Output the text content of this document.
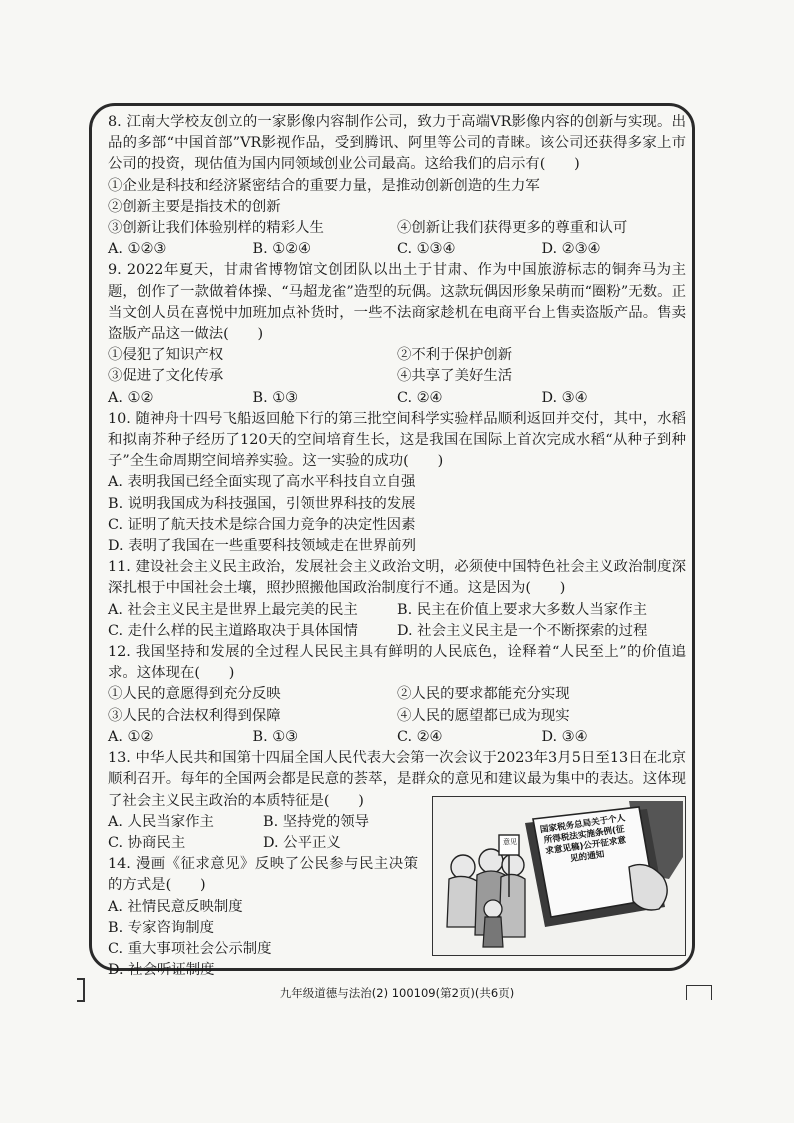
8. 江南大学校友创立的一家影像内容制作公司，致力于高端VR影像内容的创新与实现。出品的多部“中国首部”VR影视作品，受到腾讯、阿里等公司的青睐。该公司还获得多家上市公司的投资，现估值为国内同领域创业公司最高。这给我们的启示有(　　)

①企业是科技和经济紧密结合的重要力量，是推动创新创造的生力军

②创新主要是指技术的创新

③创新让我们体验别样的精彩人生	④创新让我们获得更多的尊重和认可
A. ①②③	B. ①②④	C. ①③④	D. ②③④

9. 2022年夏天，甘肃省博物馆文创团队以出土于甘肃、作为中国旅游标志的铜奔马为主题，创作了一款做着体操、“马超龙雀”造型的玩偶。这款玩偶因形象呆萌而“圈粉”无数。正当文创人员在喜悦中加班加点补货时，一些不法商家趁机在电商平台上售卖盗版产品。售卖盗版产品这一做法(　　)

①侵犯了知识产权	②不利于保护创新
③促进了文化传承	④共享了美好生活
A. ①②	B. ①③	C. ②④	D. ③④

10. 随神舟十四号飞船返回舱下行的第三批空间科学实验样品顺利返回并交付，其中，水稻和拟南芥种子经历了120天的空间培育生长，这是我国在国际上首次完成水稻“从种子到种子”全生命周期空间培养实验。这一实验的成功(　　)

A. 表明我国已经全面实现了高水平科技自立自强

B. 说明我国成为科技强国，引领世界科技的发展

C. 证明了航天技术是综合国力竞争的决定性因素

D. 表明了我国在一些重要科技领域走在世界前列

11. 建设社会主义民主政治，发展社会主义政治文明，必须使中国特色社会主义政治制度深深扎根于中国社会土壤，照抄照搬他国政治制度行不通。这是因为(　　)

A. 社会主义民主是世界上最完美的民主	B. 民主在价值上要求大多数人当家作主
C. 走什么样的民主道路取决于具体国情	D. 社会主义民主是一个不断探索的过程

12. 我国坚持和发展的全过程人民民主具有鲜明的人民底色，诠释着“人民至上”的价值追求。这体现在(　　)

①人民的意愿得到充分反映	②人民的要求都能充分实现
③人民的合法权利得到保障	④人民的愿望都已成为现实
A. ①②	B. ①③	C. ②④	D. ③④

13. 中华人民共和国第十四届全国人民代表大会第一次会议于2023年3月5日至13日在北京顺利召开。每年的全国两会都是民意的荟萃，是群众的意见和建议最为集中的表达。这体现了社会主义民主政治的本质特征是(　　)

A. 人民当家作主	B. 坚持党的领导
C. 协商民主	D. 公平正义

14. 漫画《征求意见》反映了公民参与民主决策的方式是(　　)

A. 社情民意反映制度

B. 专家咨询制度

C. 重大事项社会公示制度

D. 社会听证制度

国家税务总局关于个人所得税法实施条例(征求意见稿)公开征求意见的通知
意见
九年级道德与法治(2) 100109(第2页)(共6页)
